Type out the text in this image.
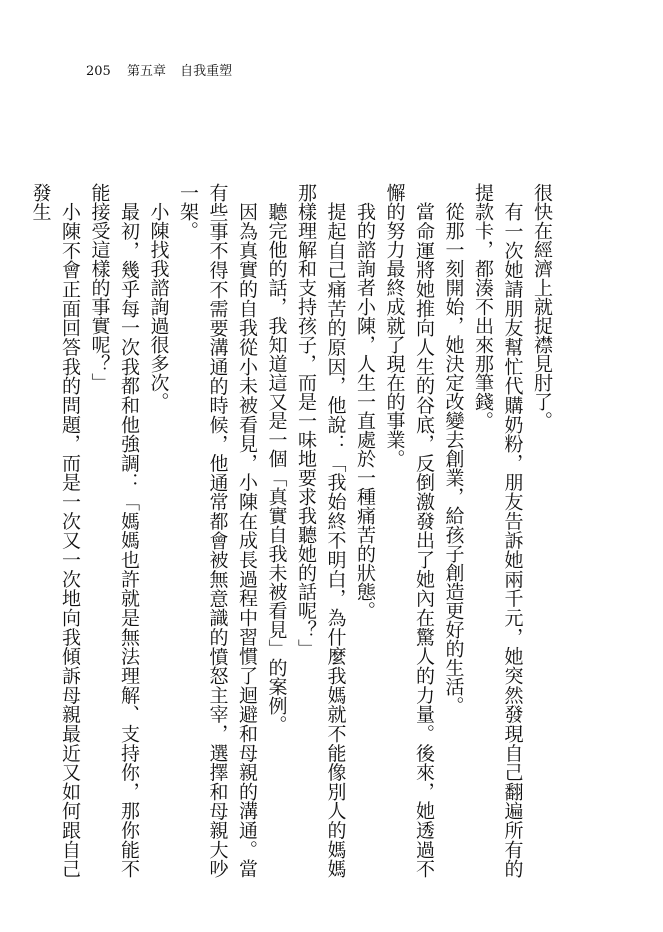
205 第五章 自我重塑

很快在經濟上就捉襟見肘了。

有一次她請朋友幫忙代購奶粉，朋友告訴她兩千元，她突然發現自己翻遍所有的提款卡，都湊不出來那筆錢。

從那一刻開始，她決定改變去創業，給孩子創造更好的生活。

當命運將她推向人生的谷底，反倒激發出了她內在驚人的力量。後來，她透過不懈的努力最終成就了現在的事業。

我的諮詢者小陳，人生一直處於一種痛苦的狀態。

提起自己痛苦的原因，他說：「我始終不明白，為什麼我媽就不能像別人的媽媽那樣理解和支持孩子，而是一味地要求我聽她的話呢？」

聽完他的話，我知道這又是一個「真實自我未被看見」的案例。

因為真實的自我從小未被看見，小陳在成長過程中習慣了迴避和母親的溝通。當有些事不得不需要溝通的時候，他通常都會被無意識的憤怒主宰，選擇和母親大吵一架。

小陳找我諮詢過很多次。

最初，幾乎每一次我都和他強調：「媽媽也許就是無法理解、支持你，那你能不能接受這樣的事實呢？」

小陳不會正面回答我的問題，而是一次又一次地向我傾訴母親最近又如何跟自己發生
